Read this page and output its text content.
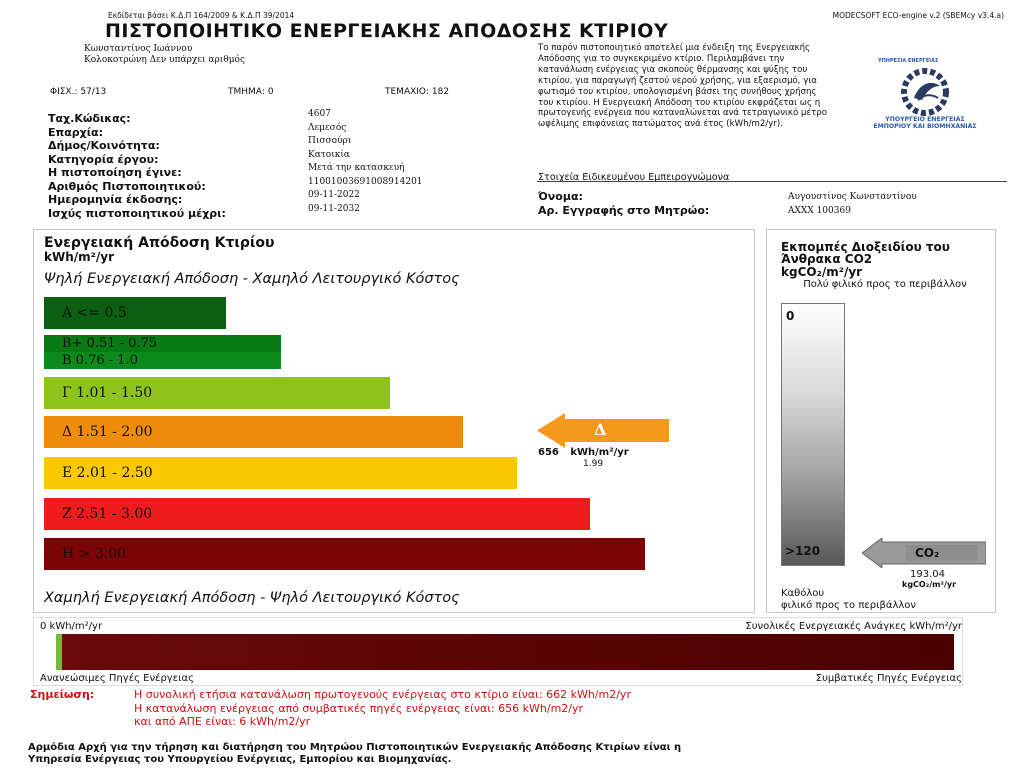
Εκδίδεται βάσει Κ.Δ.Π 164/2009 & Κ.Δ.Π 39/2014	MODECSOFT ECO-engine v.2 (SBEMcy v3.4.a)
ΠΙΣΤΟΠΟΙΗΤΙΚΟ ΕΝΕΡΓΕΙΑΚΗΣ ΑΠΟΔΟΣΗΣ ΚΤΙΡΙΟΥ
Κωνσταντίνος Ιωάννου
Κολοκοτρώνη Δεν υπάρχει αριθμός
ΦΙΣΧ.: 57/13	ΤΜΗΜΑ: 0	ΤΕΜΑΧΙΟ: 182
Ταχ.Κώδικας:	4607
Επαρχία:	Λεμεσός
Δήμος/Κοινότητα:	Πισσούρι
Κατηγορία έργου:	Κατοικία
Η πιστοποίηση έγινε:	Μετά την κατασκευή
Αριθμός Πιστοποιητικού:	11001003691008914201
Ημερομηνία έκδοσης:	09-11-2022
Ισχύς πιστοποιητικού μέχρι:	09-11-2032
Το παρόν πιστοποιητικό αποτελεί μια ένδειξη της Ενεργειακής Απόδοσης για το συγκεκριμένο κτίριο. Περιλαμβάνει την κατανάλωση ενέργειας για σκοπούς θέρμανσης και ψύξης του κτιρίου, για παραγωγή ζεστού νερού χρήσης, για εξαερισμό, για φωτισμό του κτιρίου, υπολογισμένη βάσει της συνήθους χρήσης του κτιρίου. Η Ενεργειακή Απόδοση του κτιρίου εκφράζεται ως η πρωτογενής ενέργεια που καταναλώνεται ανά τετραγωνικό μέτρο ωφέλιμης επιφάνειας πατώματος ανά έτος (kWh/m2/yr).
ΥΠΗΡΕΣΙΑ ΕΝΕΡΓΕΙΑΣ
ΥΠΟΥΡΓΕΙΟ ΕΝΕΡΓΕΙΑΣ
ΕΜΠΟΡΙΟΥ ΚΑΙ ΒΙΟΜΗΧΑΝΙΑΣ
Στοιχεία Ειδικευμένου Εμπειρογνώμονα
Όνομα:	Αυγουστίνος Κωνσταντίνου
Αρ. Εγγραφής στο Μητρώο:	AXXX 100369
Ενεργειακή Απόδοση Κτιρίου
kWh/m²/yr
Ψηλή Ενεργειακή Απόδοση - Χαμηλό Λειτουργικό Κόστος
A <= 0.5
B+ 0.51 - 0.75
B 0.76 - 1.0
Γ 1.01 - 1.50
Δ 1.51 - 2.00
Ε 2.01 - 2.50
Ζ 2.51 - 3.00
Η > 3.00
Χαμηλή Ενεργειακή Απόδοση - Ψηλό Λειτουργικό Κόστος
Δ
656 kWh/m²/yr
1.99
Εκπομπές Διοξειδίου του Άνθρακα CO2
kgCO₂/m²/yr
Πολύ φιλικό προς το περιβάλλον
0
>120	CO₂
193.04
kgCO₂/m²/yr
Καθόλου
φιλικό προς το περιβάλλον
0 kWh/m²/yr	Συνολικές Ενεργειακές Ανάγκες kWh/m²/yr
Ανανεώσιμες Πηγές Ενέργειας	Συμβατικές Πηγές Ενέργειας
Σημείωση:	Η συνολική ετήσια κατανάλωση πρωτογενούς ενέργειας στο κτίριο είναι: 662 kWh/m2/yr
Η κατανάλωση ενέργειας από συμβατικές πηγές ενέργειας είναι: 656 kWh/m2/yr
και από ΑΠΕ είναι: 6 kWh/m2/yr
Αρμόδια Αρχή για την τήρηση και διατήρηση του Μητρώου Πιστοποιητικών Ενεργειακής Απόδοσης Κτιρίων είναι η
Υπηρεσία Ενέργειας του Υπουργείου Ενέργειας, Εμπορίου και Βιομηχανίας.
